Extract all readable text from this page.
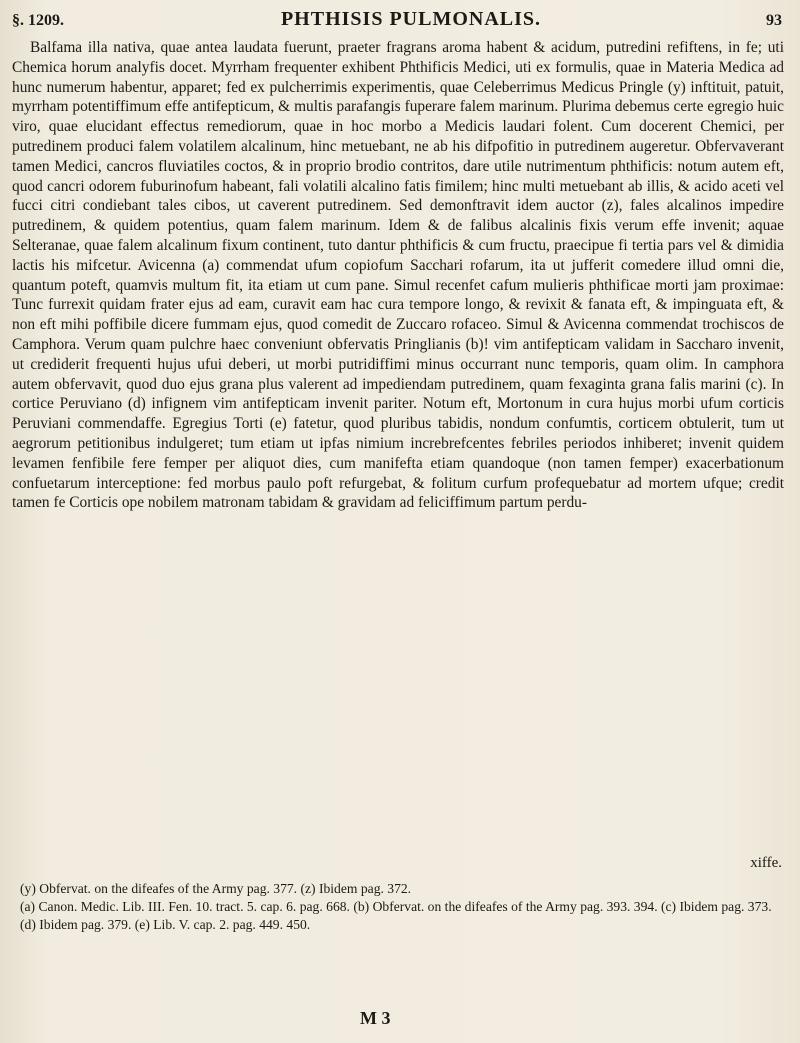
§. 1209.	PHTHISIS PULMONALIS.	93

Balfama illa nativa, quae antea laudata fuerunt, praeter fragrans aroma habent & acidum, putredini refiftens, in fe; uti Chemica horum analyfis docet. Myrrham frequenter exhibent Phthificis Medici, uti ex formulis, quae in Materia Medica ad hunc numerum habentur, apparet; fed ex pulcherrimis experimentis, quae Celeberrimus Medicus Pringle (y) inftituit, patuit, myrrham potentiffimum effe antifepticum, & multis parafangis fuperare falem marinum. Plurima debemus certe egregio huic viro, quae elucidant effectus remediorum, quae in hoc morbo a Medicis laudari folent. Cum docerent Chemici, per putredinem produci falem volatilem alcalinum, hinc metuebant, ne ab his difpofitio in putredinem augeretur. Obfervaverant tamen Medici, cancros fluviatiles coctos, & in proprio brodio contritos, dare utile nutrimentum phthificis: notum autem eft, quod cancri odorem fuburinofum habeant, fali volatili alcalino fatis fimilem; hinc multi metuebant ab illis, & acido aceti vel fucci citri condiebant tales cibos, ut caverent putredinem. Sed demonftravit idem auctor (z), fales alcalinos impedire putredinem, & quidem potentius, quam falem marinum. Idem & de falibus alcalinis fixis verum effe invenit; aquae Selteranae, quae falem alcalinum fixum continent, tuto dantur phthificis & cum fructu, praecipue fi tertia pars vel & dimidia lactis his mifcetur. Avicenna (a) commendat ufum copiofum Sacchari rofarum, ita ut jufferit comedere illud omni die, quantum poteft, quamvis multum fit, ita etiam ut cum pane. Simul recenfet cafum mulieris phthificae morti jam proximae: Tunc furrexit quidam frater ejus ad eam, curavit eam hac cura tempore longo, & revixit & fanata eft, & impinguata eft, & non eft mihi poffibile dicere fummam ejus, quod comedit de Zuccaro rofaceo. Simul & Avicenna commendat trochiscos de Camphora. Verum quam pulchre haec conveniunt obfervatis Pringlianis (b)! vim antifepticam validam in Saccharo invenit, ut crediderit frequenti hujus ufui deberi, ut morbi putridiffimi minus occurrant nunc temporis, quam olim. In camphora autem obfervavit, quod duo ejus grana plus valerent ad impediendam putredinem, quam fexaginta grana falis marini (c). In cortice Peruviano (d) infignem vim antifepticam invenit pariter. Notum eft, Mortonum in cura hujus morbi ufum corticis Peruviani commendaffe. Egregius Torti (e) fatetur, quod pluribus tabidis, nondum confumtis, corticem obtulerit, tum ut aegrorum petitionibus indulgeret; tum etiam ut ipfas nimium increbrefcentes febriles periodos inhiberet; invenit quidem levamen fenfibile fere femper per aliquot dies, cum manifefta etiam quandoque (non tamen femper) exacerbationum confuetarum interceptione: fed morbus paulo poft refurgebat, & folitum curfum profequebatur ad mortem ufque; credit tamen fe Corticis ope nobilem matronam tabidam & gravidam ad feliciffimum partum perdu-

xiffe.

(y) Obfervat. on the difeafes of the Army pag. 377. (z) Ibidem pag. 372.

(a) Canon. Medic. Lib. III. Fen. 10. tract. 5. cap. 6. pag. 668. (b) Obfervat. on the difeafes of the Army pag. 393. 394. (c) Ibidem pag. 373.

(d) Ibidem pag. 379. (e) Lib. V. cap. 2. pag. 449. 450.

M 3
